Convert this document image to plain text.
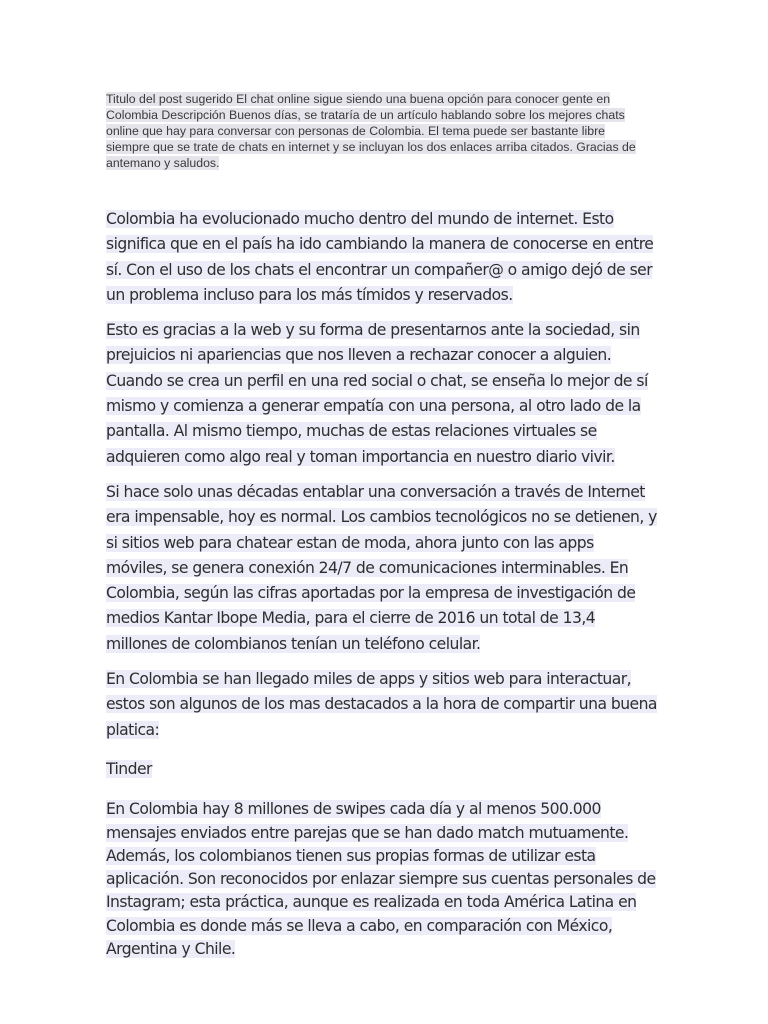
Titulo del post sugerido El chat online sigue siendo una buena opción para conocer gente en Colombia Descripción Buenos días, se trataría de un artículo hablando sobre los mejores chats online que hay para conversar con personas de Colombia. El tema puede ser bastante libre siempre que se trate de chats en internet y se incluyan los dos enlaces arriba citados. Gracias de antemano y saludos.

Colombia ha evolucionado mucho dentro del mundo de internet. Esto significa que en el país ha ido cambiando la manera de conocerse en entre sí. Con el uso de los chats el encontrar un compañer@ o amigo dejó de ser un problema incluso para los más tímidos y reservados.

Esto es gracias a la web y su forma de presentarnos ante la sociedad, sin prejuicios ni apariencias que nos lleven a rechazar conocer a alguien. Cuando se crea un perfil en una red social o chat, se enseña lo mejor de sí mismo y comienza a generar empatía con una persona, al otro lado de la pantalla. Al mismo tiempo, muchas de estas relaciones virtuales se adquieren como algo real y toman importancia en nuestro diario vivir.

Si hace solo unas décadas entablar una conversación a través de Internet era impensable, hoy es normal. Los cambios tecnológicos no se detienen, y si sitios web para chatear estan de moda, ahora junto con las apps móviles, se genera conexión 24/7 de comunicaciones interminables. En Colombia, según las cifras aportadas por la empresa de investigación de medios Kantar Ibope Media, para el cierre de 2016 un total de 13,4 millones de colombianos tenían un teléfono celular.

En Colombia se han llegado miles de apps y sitios web para interactuar, estos son algunos de los mas destacados a la hora de compartir una buena platica:

Tinder

En Colombia hay 8 millones de swipes cada día y al menos 500.000 mensajes enviados entre parejas que se han dado match mutuamente. Además, los colombianos tienen sus propias formas de utilizar esta aplicación. Son reconocidos por enlazar siempre sus cuentas personales de Instagram; esta práctica, aunque es realizada en toda América Latina en Colombia es donde más se lleva a cabo, en comparación con México, Argentina y Chile.
